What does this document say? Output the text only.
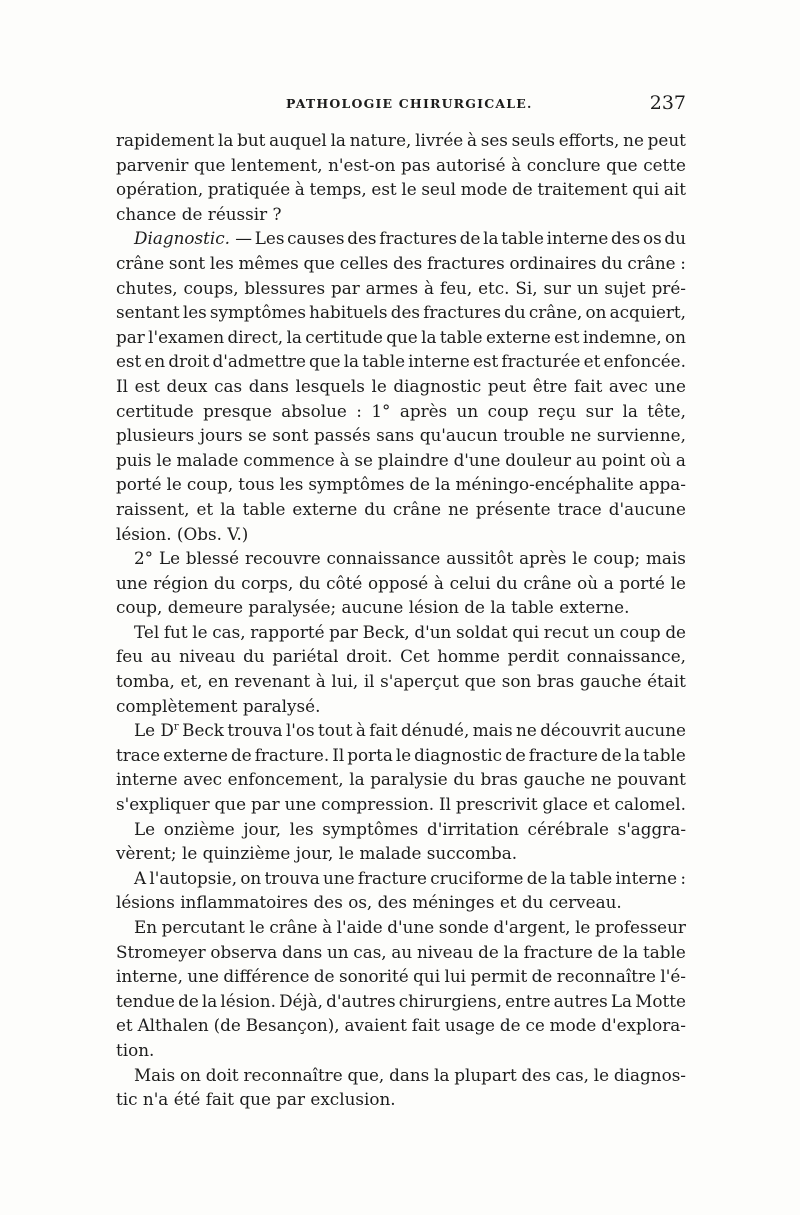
PATHOLOGIE CHIRURGICALE.	237
rapidement la but auquel la nature, livrée à ses seuls efforts, ne peut
parvenir que lentement, n'est-on pas autorisé à conclure que cette
opération, pratiquée à temps, est le seul mode de traitement qui ait
chance de réussir ?
Diagnostic. — Les causes des fractures de la table interne des os du
crâne sont les mêmes que celles des fractures ordinaires du crâne :
chutes, coups, blessures par armes à feu, etc. Si, sur un sujet pré-
sentant les symptômes habituels des fractures du crâne, on acquiert,
par l'examen direct, la certitude que la table externe est indemne, on
est en droit d'admettre que la table interne est fracturée et enfoncée.
Il est deux cas dans lesquels le diagnostic peut être fait avec une
certitude presque absolue : 1° après un coup reçu sur la tête,
plusieurs jours se sont passés sans qu'aucun trouble ne survienne,
puis le malade commence à se plaindre d'une douleur au point où a
porté le coup, tous les symptômes de la méningo-encéphalite appa-
raissent, et la table externe du crâne ne présente trace d'aucune
lésion. (Obs. V.)
2° Le blessé recouvre connaissance aussitôt après le coup; mais
une région du corps, du côté opposé à celui du crâne où a porté le
coup, demeure paralysée; aucune lésion de la table externe.
Tel fut le cas, rapporté par Beck, d'un soldat qui recut un coup de
feu au niveau du pariétal droit. Cet homme perdit connaissance,
tomba, et, en revenant à lui, il s'aperçut que son bras gauche était
complètement paralysé.
Le $D^r$ Beck trouva l'os tout à fait dénudé, mais ne découvrit aucune
trace externe de fracture. Il porta le diagnostic de fracture de la table
interne avec enfoncement, la paralysie du bras gauche ne pouvant
s'expliquer que par une compression. Il prescrivit glace et calomel.
Le onzième jour, les symptômes d'irritation cérébrale s'aggra-
vèrent; le quinzième jour, le malade succomba.
A l'autopsie, on trouva une fracture cruciforme de la table interne :
lésions inflammatoires des os, des méninges et du cerveau.
En percutant le crâne à l'aide d'une sonde d'argent, le professeur
Stromeyer observa dans un cas, au niveau de la fracture de la table
interne, une différence de sonorité qui lui permit de reconnaître l'é-
tendue de la lésion. Déjà, d'autres chirurgiens, entre autres La Motte
et Althalen (de Besançon), avaient fait usage de ce mode d'explora-
tion.
Mais on doit reconnaître que, dans la plupart des cas, le diagnos-
tic n'a été fait que par exclusion.
